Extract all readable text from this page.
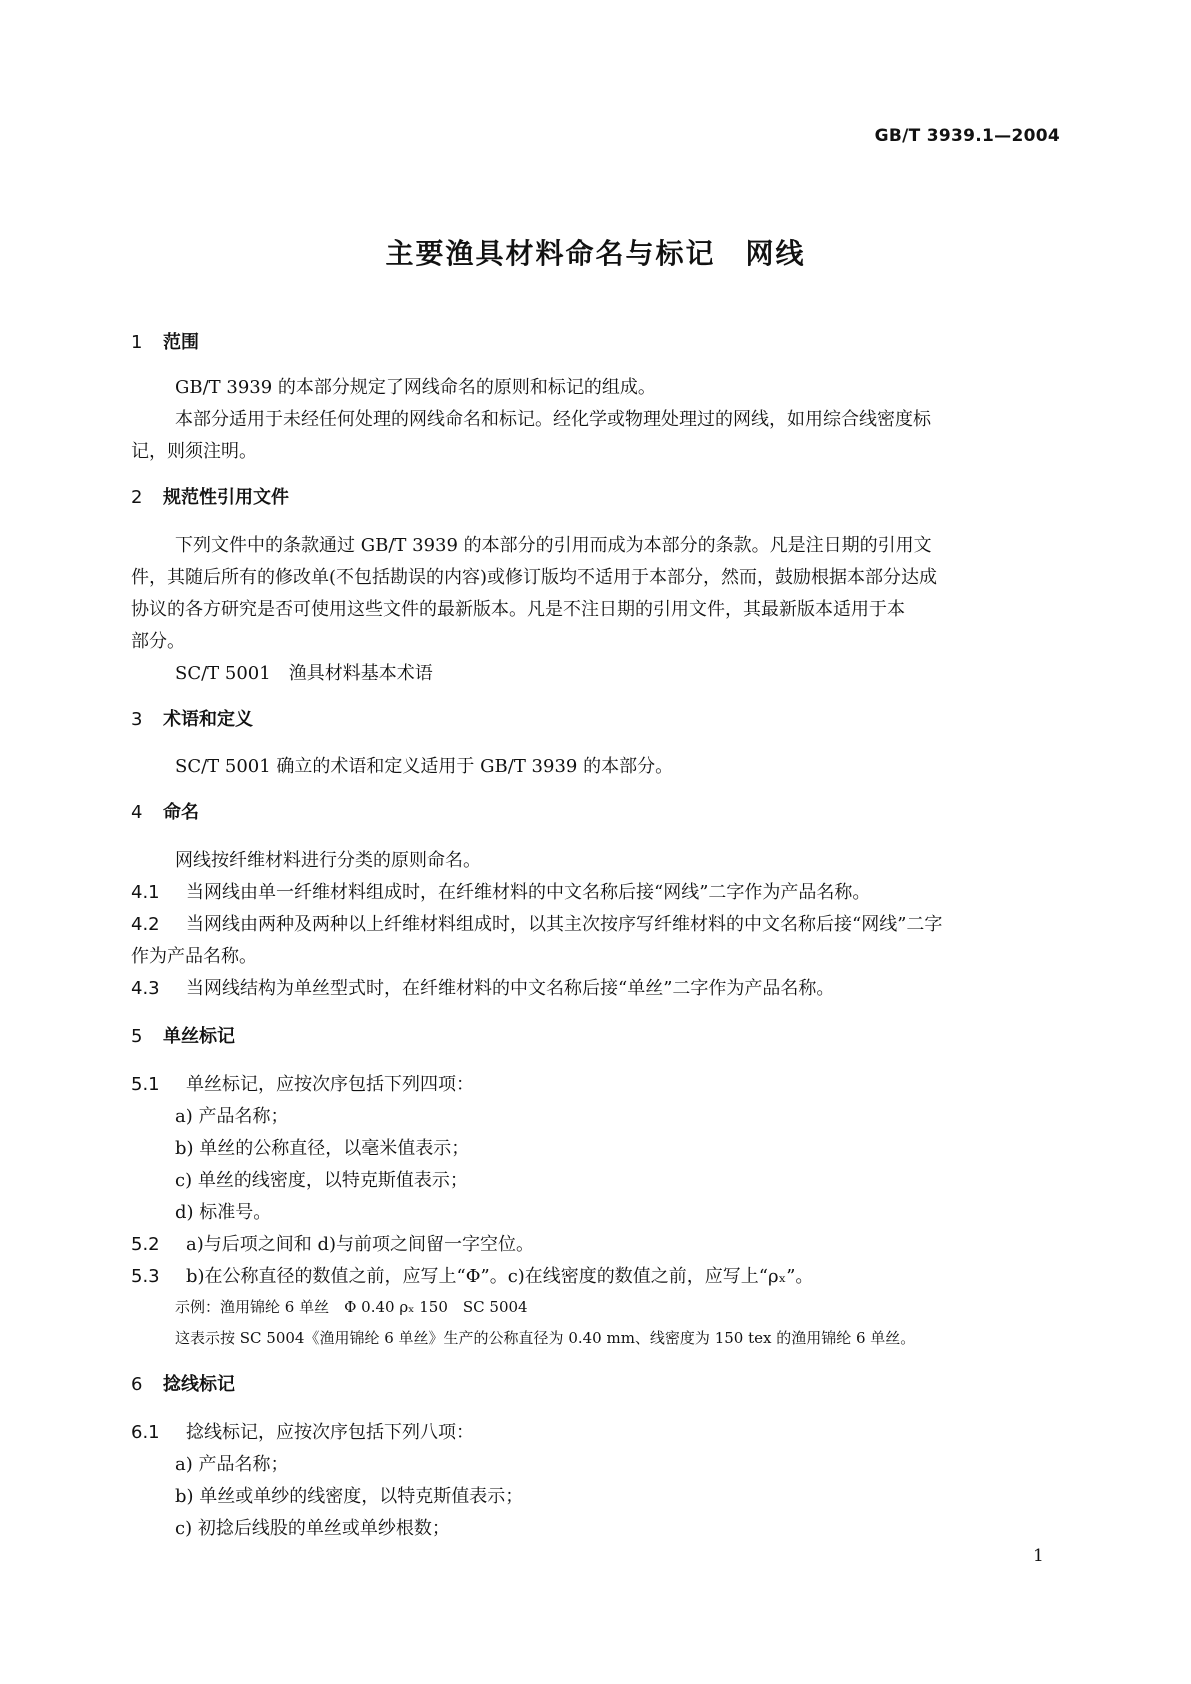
GB/T 3939.1—2004
主要渔具材料命名与标记　网线
1 范围
GB/T 3939 的本部分规定了网线命名的原则和标记的组成。
本部分适用于未经任何处理的网线命名和标记。经化学或物理处理过的网线，如用综合线密度标
记，则须注明。
2 规范性引用文件
下列文件中的条款通过 GB/T 3939 的本部分的引用而成为本部分的条款。凡是注日期的引用文
件，其随后所有的修改单(不包括勘误的内容)或修订版均不适用于本部分，然而，鼓励根据本部分达成
协议的各方研究是否可使用这些文件的最新版本。凡是不注日期的引用文件，其最新版本适用于本
部分。
SC/T 5001　渔具材料基本术语
3 术语和定义
SC/T 5001 确立的术语和定义适用于 GB/T 3939 的本部分。
4 命名
网线按纤维材料进行分类的原则命名。
4.1 当网线由单一纤维材料组成时，在纤维材料的中文名称后接“网线”二字作为产品名称。
4.2 当网线由两种及两种以上纤维材料组成时，以其主次按序写纤维材料的中文名称后接“网线”二字
作为产品名称。
4.3 当网线结构为单丝型式时，在纤维材料的中文名称后接“单丝”二字作为产品名称。
5 单丝标记
5.1 单丝标记，应按次序包括下列四项：
a) 产品名称；
b) 单丝的公称直径，以毫米值表示；
c) 单丝的线密度，以特克斯值表示；
d) 标准号。
5.2 a)与后项之间和 d)与前项之间留一字空位。
5.3 b)在公称直径的数值之前，应写上“Φ”。c)在线密度的数值之前，应写上“ρₓ”。
示例：渔用锦纶 6 单丝　Φ 0.40 ρₓ 150　SC 5004
这表示按 SC 5004《渔用锦纶 6 单丝》生产的公称直径为 0.40 mm、线密度为 150 tex 的渔用锦纶 6 单丝。
6 捻线标记
6.1 捻线标记，应按次序包括下列八项：
a) 产品名称；
b) 单丝或单纱的线密度，以特克斯值表示；
c) 初捻后线股的单丝或单纱根数；
1
